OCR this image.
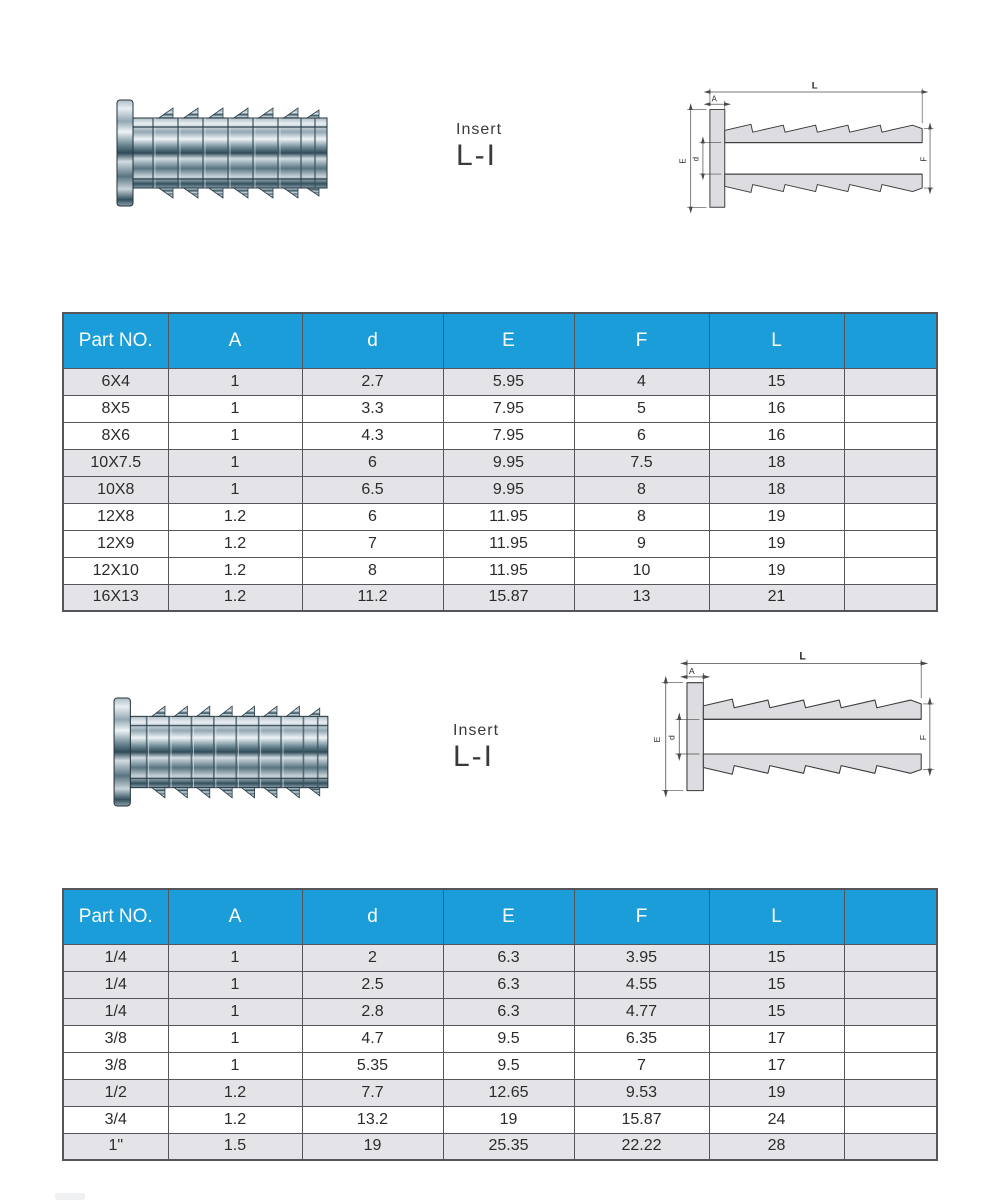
Insert
L-I
L
A
E d	F
Part NO.	A	d	E	F	L	
6X4	1	2.7	5.95	4	15	
8X5	1	3.3	7.95	5	16	
8X6	1	4.3	7.95	6	16	
10X7.5	1	6	9.95	7.5	18	
10X8	1	6.5	9.95	8	18	
12X8	1.2	6	11.95	8	19	
12X9	1.2	7	11.95	9	19	
12X10	1.2	8	11.95	10	19	
16X13	1.2	11.2	15.87	13	21	
Insert
L-I
L
A
E d	F
Part NO.	A	d	E	F	L	
1/4	1	2	6.3	3.95	15	
1/4	1	2.5	6.3	4.55	15	
1/4	1	2.8	6.3	4.77	15	
3/8	1	4.7	9.5	6.35	17	
3/8	1	5.35	9.5	7	17	
1/2	1.2	7.7	12.65	9.53	19	
3/4	1.2	13.2	19	15.87	24	
1"	1.5	19	25.35	22.22	28	
